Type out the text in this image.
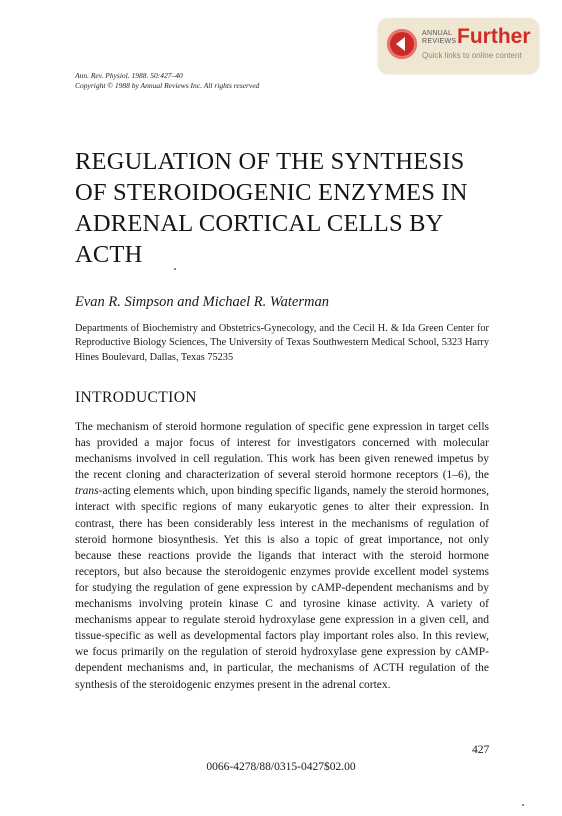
ANNUAL
REVIEWS Further
Quick links to online content
Ann. Rev. Physiol. 1988. 50:427–40
Copyright © 1988 by Annual Reviews Inc. All rights reserved
REGULATION OF THE SYNTHESIS
OF STEROIDOGENIC ENZYMES IN
ADRENAL CORTICAL CELLS BY
ACTH
Evan R. Simpson and Michael R. Waterman

Departments of Biochemistry and Obstetrics-Gynecology, and the Cecil H. & Ida Green Center for Reproductive Biology Sciences, The University of Texas Southwestern Medical School, 5323 Harry Hines Boulevard, Dallas, Texas 75235

INTRODUCTION

The mechanism of steroid hormone regulation of specific gene expression in target cells has provided a major focus of interest for investigators concerned with molecular mechanisms involved in cell regulation. This work has been given renewed impetus by the recent cloning and characterization of several steroid hormone receptors (1–6), the trans-acting elements which, upon binding specific ligands, namely the steroid hormones, interact with specific regions of many eukaryotic genes to alter their expression. In contrast, there has been considerably less interest in the mechanisms of regulation of steroid hormone biosynthesis. Yet this is also a topic of great importance, not only because these reactions provide the ligands that interact with the steroid hormone receptors, but also because the steroidogenic enzymes provide excellent model systems for studying the regulation of gene expression by cAMP-dependent mechanisms and by mechanisms involving protein kinase C and tyrosine kinase activity. A variety of mechanisms appear to regulate steroid hydroxylase gene expression in a given cell, and tissue-specific as well as developmental factors play important roles also. In this review, we focus primarily on the regulation of steroid hydroxylase gene expression by cAMP-dependent mechanisms and, in particular, the mechanisms of ACTH regulation of the synthesis of the steroidogenic enzymes present in the adrenal cortex.

427
0066-4278/88/0315-0427$02.00
